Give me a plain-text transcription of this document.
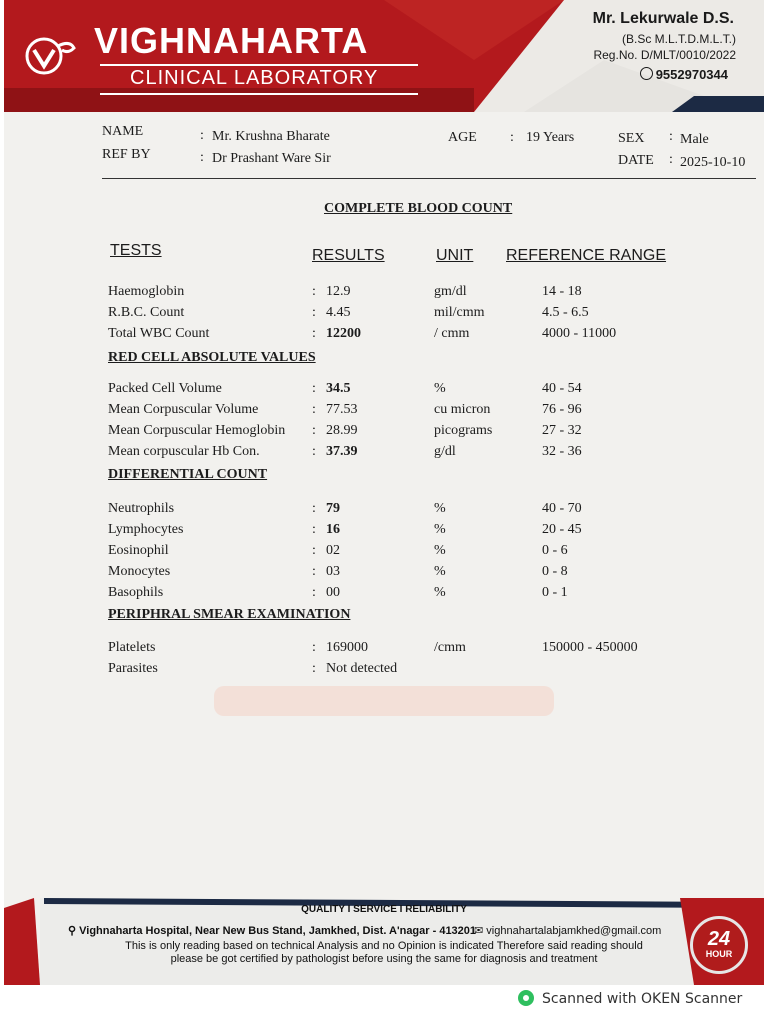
VIGHNAHARTA
CLINICAL LABORATORY
Mr. Lekurwale D.S.
(B.Sc M.L.T.D.M.L.T.)
Reg.No. D/MLT/0010/2022
9552970344
NAME	: Mr. Krushna Bharate
REF BY	: Dr Prashant Ware Sir
AGE : 19 Years	SEX : Male
DATE : 2025-10-10
COMPLETE BLOOD COUNT
TESTS	RESULTS	UNIT REFERENCE RANGE
Haemoglobin	: 12.9	gm/dl	14 - 18
R.B.C. Count	: 4.45	mil/cmm	4.5 - 6.5
Total WBC Count	: 12200	/ cmm	4000 - 11000
RED CELL ABSOLUTE VALUES
Packed Cell Volume	: 34.5	%	40 - 54
Mean Corpuscular Volume	: 77.53	cu micron	76 - 96
Mean Corpuscular Hemoglobin : 28.99	picograms	27 - 32
Mean corpuscular Hb Con.	: 37.39	g/dl	32 - 36
DIFFERENTIAL COUNT
Neutrophils	: 79	%	40 - 70
Lymphocytes	: 16	%	20 - 45
Eosinophil	: 02	%	0 - 6
Monocytes	: 03	%	0 - 8
Basophils	: 00	%	0 - 1
PERIPHRAL SMEAR EXAMINATION
Platelets	: 169000	/cmm	150000 - 450000
Parasites	: Not detected
QUALITY I SERVICE I RELIABILITY
⚲ Vighnaharta Hospital, Near New Bus Stand, Jamkhed, Dist. A'nagar - 413201
✉ vighnahartalabjamkhed@gmail.com
This is only reading based on technical Analysis and no Opinion is indicated Therefore said reading should
please be got certified by pathologist before using the same for diagnosis and treatment
24
HOUR
Scanned with OKEN Scanner
